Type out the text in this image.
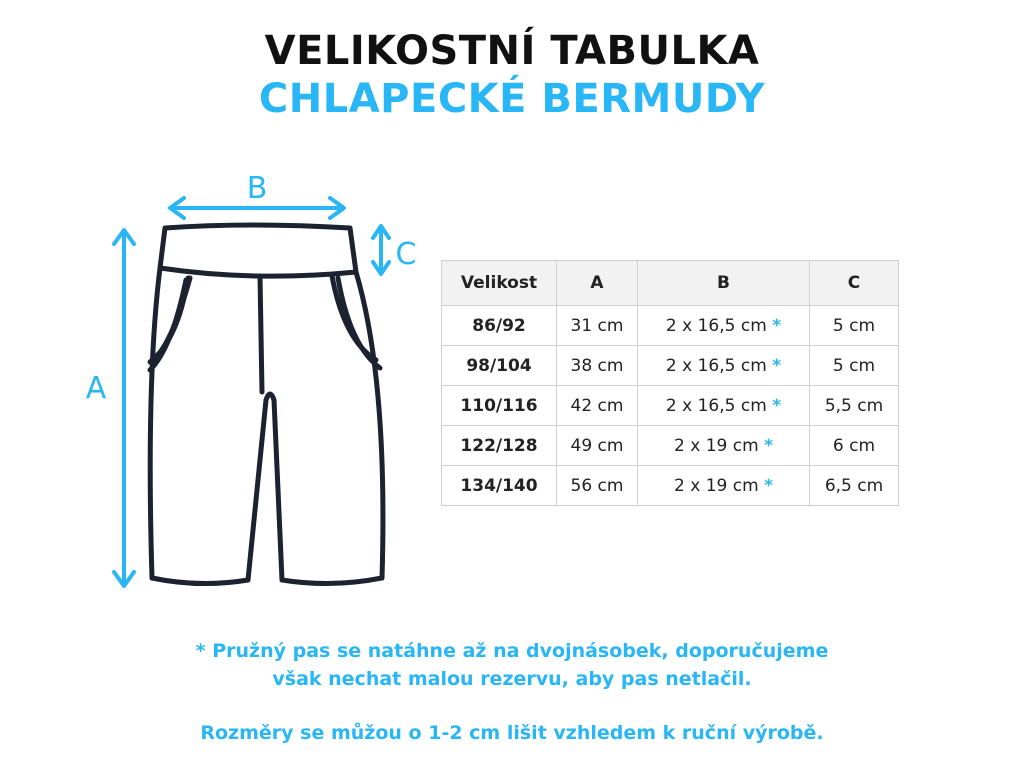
VELIKOSTNÍ TABULKA
CHLAPECKÉ BERMUDY
B
C
A
Velikost	A	B	C
86/92	31 cm	2 x 16,5 cm *	5 cm
98/104	38 cm	2 x 16,5 cm *	5 cm
110/116	42 cm	2 x 16,5 cm *	5,5 cm
122/128	49 cm	2 x 19 cm *	6 cm
134/140	56 cm	2 x 19 cm *	6,5 cm
* Pružný pas se natáhne až na dvojnásobek, doporučujeme
však nechat malou rezervu, aby pas netlačil.
Rozměry se můžou o 1-2 cm lišit vzhledem k ruční výrobě.
